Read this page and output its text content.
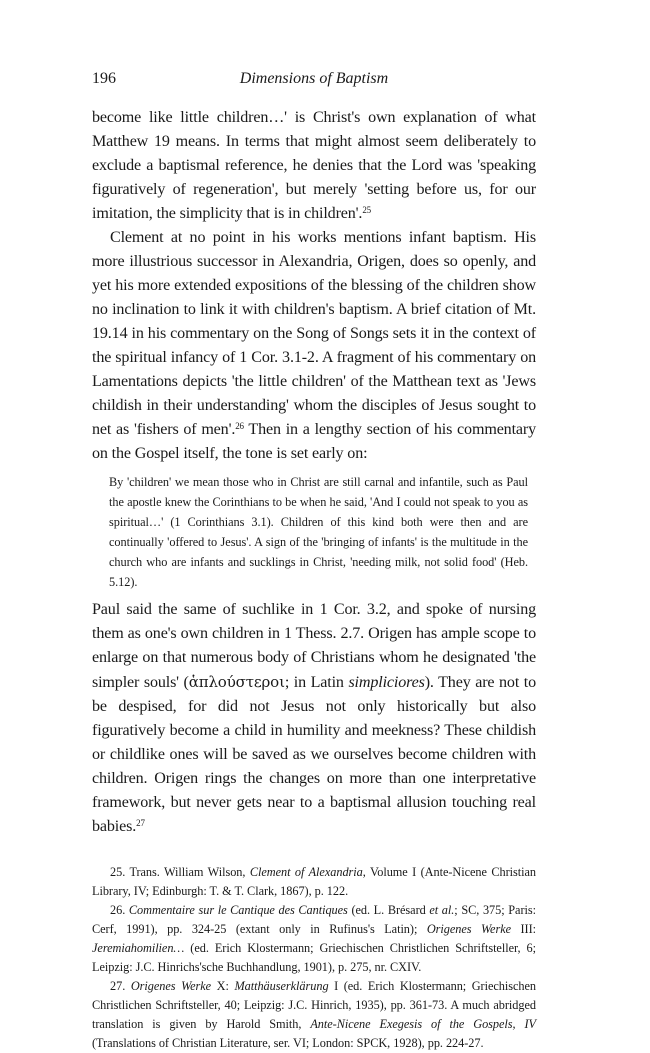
196	Dimensions of Baptism

become like little children…' is Christ's own explanation of what Matthew 19 means. In terms that might almost seem deliberately to exclude a baptismal reference, he denies that the Lord was 'speaking figuratively of regeneration', but merely 'setting before us, for our imitation, the simplicity that is in children'.$^{25}$

Clement at no point in his works mentions infant baptism. His more illustrious successor in Alexandria, Origen, does so openly, and yet his more extended expositions of the blessing of the children show no inclination to link it with children's baptism. A brief citation of Mt. 19.14 in his commentary on the Song of Songs sets it in the context of the spiritual infancy of 1 Cor. 3.1-2. A fragment of his commentary on Lamentations depicts 'the little children' of the Matthean text as 'Jews childish in their understanding' whom the disciples of Jesus sought to net as 'fishers of men'.$^{26}$ Then in a lengthy section of his commentary on the Gospel itself, the tone is set early on:

By 'children' we mean those who in Christ are still carnal and infantile, such as Paul the apostle knew the Corinthians to be when he said, 'And I could not speak to you as spiritual…' (1 Corinthians 3.1). Children of this kind both were then and are continually 'offered to Jesus'. A sign of the 'bringing of infants' is the multitude in the church who are infants and sucklings in Christ, 'needing milk, not solid food' (Heb. 5.12).

Paul said the same of suchlike in 1 Cor. 3.2, and spoke of nursing them as one's own children in 1 Thess. 2.7. Origen has ample scope to enlarge on that numerous body of Christians whom he designated 'the simpler souls' (ἁπλούστεροι; in Latin simpliciores). They are not to be despised, for did not Jesus not only historically but also figuratively become a child in humility and meekness? These childish or childlike ones will be saved as we ourselves become children with children. Origen rings the changes on more than one interpretative framework, but never gets near to a baptismal allusion touching real babies.$^{27}$

25. Trans. William Wilson, Clement of Alexandria, Volume I (Ante-Nicene Christian Library, IV; Edinburgh: T. & T. Clark, 1867), p. 122.

26. Commentaire sur le Cantique des Cantiques (ed. L. Brésard et al.; SC, 375; Paris: Cerf, 1991), pp. 324-25 (extant only in Rufinus's Latin); Origenes Werke III: Jeremiahomilien… (ed. Erich Klostermann; Griechischen Christlichen Schriftsteller, 6; Leipzig: J.C. Hinrichs'sche Buchhandlung, 1901), p. 275, nr. CXIV.

27. Origenes Werke X: Matthäuserklärung I (ed. Erich Klostermann; Griechischen Christlichen Schriftsteller, 40; Leipzig: J.C. Hinrich, 1935), pp. 361-73. A much abridged translation is given by Harold Smith, Ante-Nicene Exegesis of the Gospels, IV (Translations of Christian Literature, ser. VI; London: SPCK, 1928), pp. 224-27.
